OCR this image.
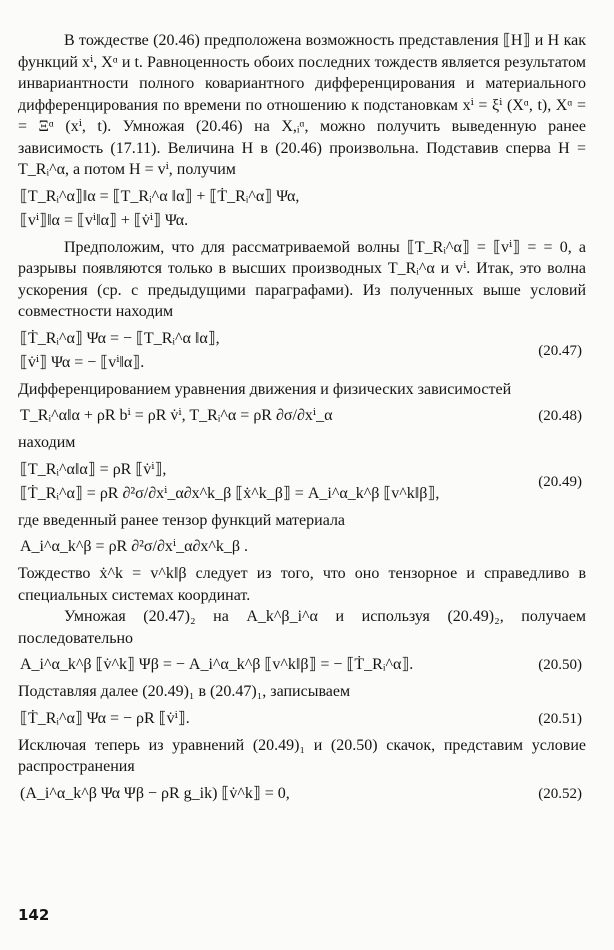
В тождестве (20.46) предположена возможность представления ⟦H⟧ и H как функций xⁱ, Xᵅ и t. Равноценность обоих последних тождеств является результатом инвариантности полного ковариантного дифференцирования и материального дифференцирования по времени по отношению к подстановкам xⁱ = ξⁱ (Xᵅ, t), Xᵅ = = Ξᵅ (xⁱ, t). Умножая (20.46) на X,ᵢᵅ, можно получить выведенную ранее зависимость (17.11). Величина H в (20.46) произвольна. Подставив сперва H = T_Rᵢ^α, а потом H = vⁱ, получим

⟦T_Rᵢ^α⟧‖α = ⟦T_Rᵢ^α ‖α⟧ + ⟦Ṫ_Rᵢ^α⟧ Ψα,
⟦vⁱ⟧‖α = ⟦vⁱ‖α⟧ + ⟦v̇ⁱ⟧ Ψα.

Предположим, что для рассматриваемой волны ⟦T_Rᵢ^α⟧ = ⟦vⁱ⟧ = = 0, а разрывы появляются только в высших производных T_Rᵢ^α и vⁱ. Итак, это волна ускорения (ср. с предыдущими параграфами). Из полученных выше условий совместности находим

⟦Ṫ_Rᵢ^α⟧ Ψα = − ⟦T_Rᵢ^α ‖α⟧,
⟦v̇ⁱ⟧ Ψα = − ⟦vⁱ‖α⟧.
(20.47)

Дифференцированием уравнения движения и физических зависимостей

T_Rᵢ^α‖α + ρR bⁱ = ρR v̇ⁱ, T_Rᵢ^α = ρR ∂σ/∂xⁱ_α	(20.48)

находим

⟦T_Rᵢ^α‖α⟧ = ρR ⟦v̇ⁱ⟧,
⟦Ṫ_Rᵢ^α⟧ = ρR ∂²σ/∂xⁱ_α∂x^k_β ⟦ẋ^k_β⟧ = A_i^α_k^β ⟦v^k‖β⟧,
(20.49)

где введенный ранее тензор функций материала

A_i^α_k^β = ρR ∂²σ/∂xⁱ_α∂x^k_β .

Тождество ẋ^k = v^k‖β следует из того, что оно тензорное и справедливо в специальных системах координат.

Умножая (20.47)₂ на A_k^β_i^α и используя (20.49)₂, получаем последовательно

A_i^α_k^β ⟦v̇^k⟧ Ψβ = − A_i^α_k^β ⟦v^k‖β⟧ = − ⟦Ṫ_Rᵢ^α⟧.	(20.50)

Подставляя далее (20.49)₁ в (20.47)₁, записываем

⟦Ṫ_Rᵢ^α⟧ Ψα = − ρR ⟦v̇ⁱ⟧.	(20.51)

Исключая теперь из уравнений (20.49)₁ и (20.50) скачок, представим условие распространения

(A_i^α_k^β Ψα Ψβ − ρR g_ik) ⟦v̇^k⟧ = 0,	(20.52)
142
